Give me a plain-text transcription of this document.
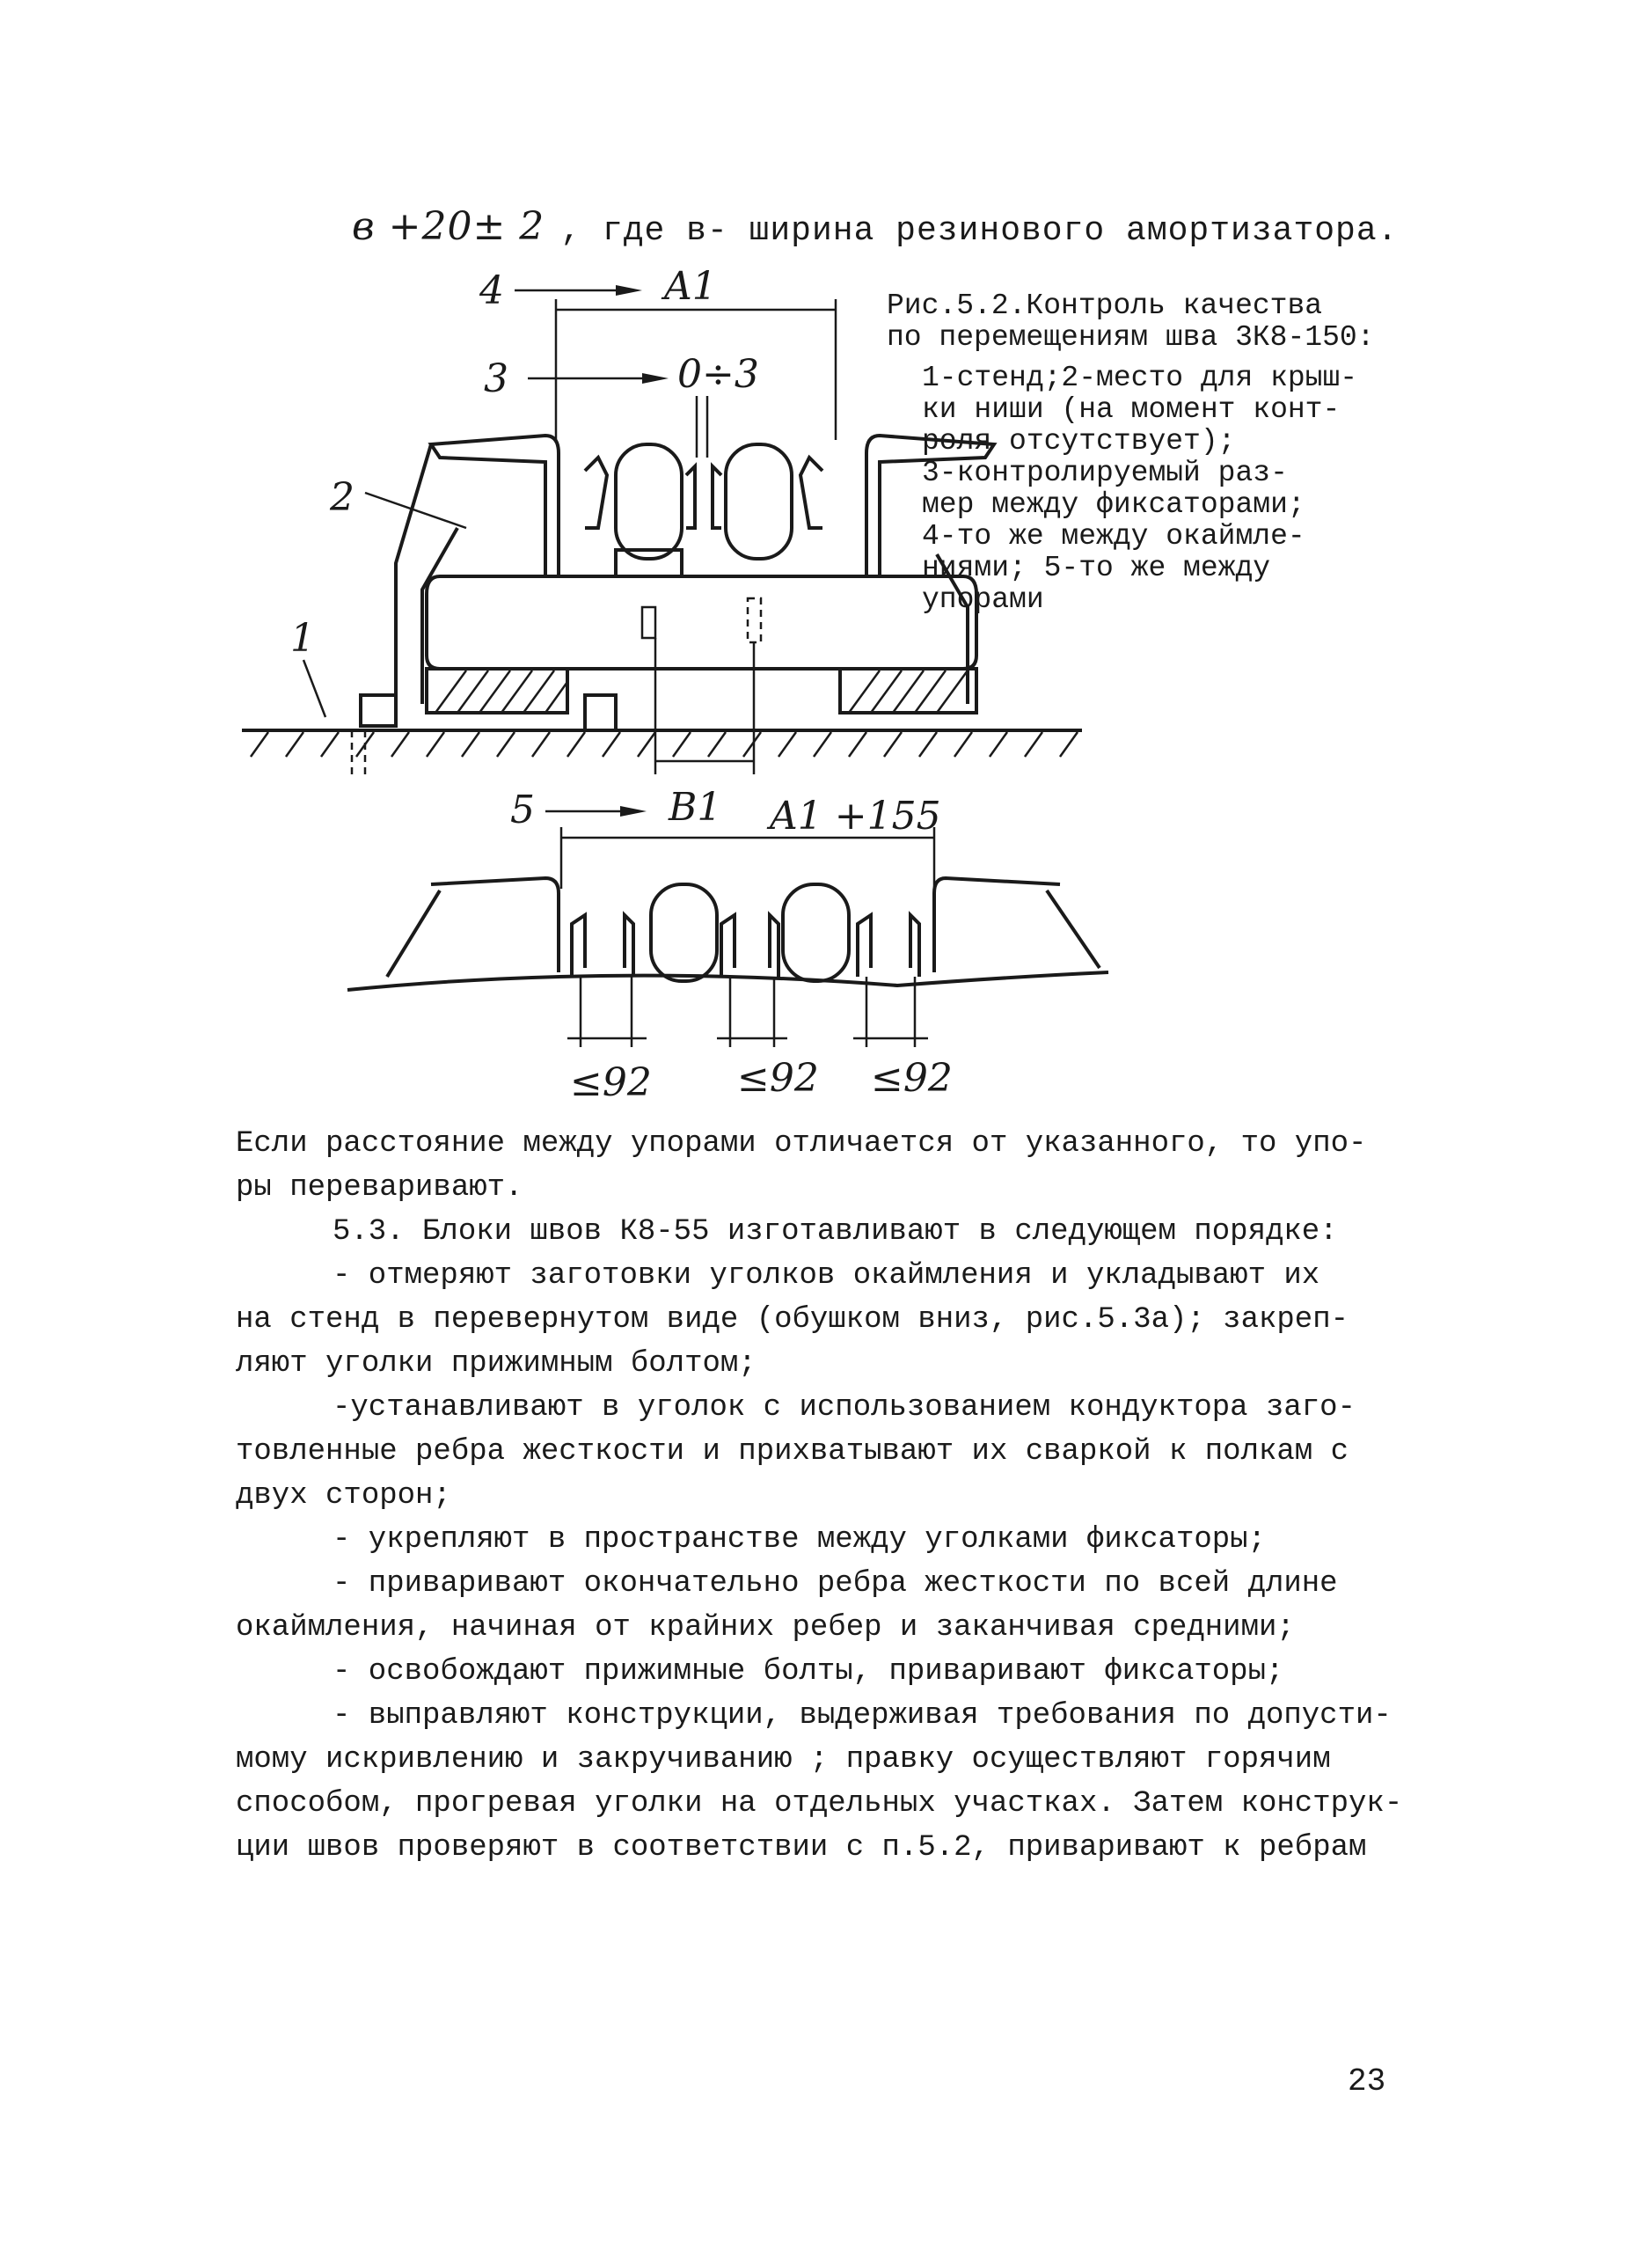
в +20± 2 , где в- ширина резинового амортизатора.
Рис.5.2.Контроль качества
по перемещениям шва 3К8-150:
1-стенд;2-место для крыш-
ки ниши (на момент конт-
роля отсутствует);
3-контролируемый раз-
мер между фиксаторами;
4-то же между окаймле-
ниями; 5-то же между
упорами
4	A1
3	0÷3
2
1
5	B1 A1 +155
≤92 ≤92 ≤92
Если расстояние между упорами отличается от указанного, то упо-
ры переваривают.
5.3. Блоки швов К8-55 изготавливают в следующем порядке:
- отмеряют заготовки уголков окаймления и укладывают их
на стенд в перевернутом виде (обушком вниз, рис.5.3а); закреп-
ляют уголки прижимным болтом;
-устанавливают в уголок с использованием кондуктора заго-
товленные ребра жесткости и прихватывают их сваркой к полкам с
двух сторон;
- укрепляют в пространстве между уголками фиксаторы;
- приваривают окончательно ребра жесткости по всей длине
окаймления, начиная от крайних ребер и заканчивая средними;
- освобождают прижимные болты, приваривают фиксаторы;
- выправляют конструкции, выдерживая требования по допусти-
мому искривлению и закручиванию ; правку осуществляют горячим
способом, прогревая уголки на отдельных участках. Затем конструк-
ции швов проверяют в соответствии с п.5.2, приваривают к ребрам
23
